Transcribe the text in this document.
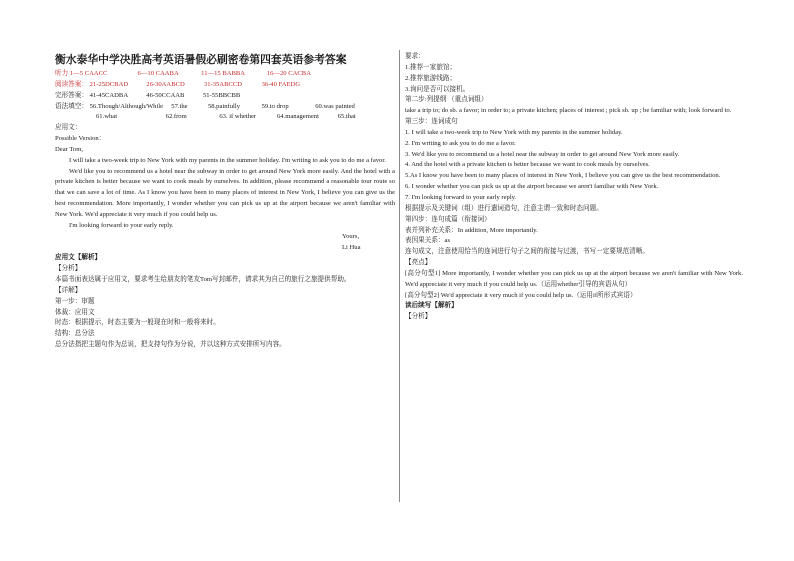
衡水泰华中学决胜高考英语暑假必刷密卷第四套英语参考答案
听力 1—5 CAACC	6—10 CAABA	11—15 BABBA	16—20 CACBA
阅读答案： 21-25DCBAD	26-30AABCD	31-35ABCCD	36-40 FAEDG
完形答案： 41-45CADBA	46-50CCAAB	51-55BBCBB
语法填空： 56.Though/Although/While 57.the	58.painfully	59.to drop	60.was painted
61.what	62.from	63. if whether	64.management	65.that
应用文：
Possible Version：
Dear Tom,
I will take a two-week trip to New York with my parents in the summer holiday. I'm writing to ask you to do me a favor.
We'd like you to recommend us a hotel near the subway in order to get around New York more easily. And the hotel with a private kitchen is better because we want to cook meals by ourselves. In addition, please recommend a reasonable tour route so that we can save a lot of time. As I know you have been to many places of interest in New York, I believe you can give us the best recommendation. More importantly, I wonder whether you can pick us up at the airport because we aren't familiar with New York. We'd appreciate it very much if you could help us.
I'm looking forward to your early reply.
Yours,
Li Hua
应用文【解析】
【分析】
本篇书面表达属于应用文，要求考生给朋友的笔友Tom写封邮件，请求其为自己的旅行之旅提供帮助。
【详解】
第一步：审题
体裁：应用文
时态：根据提示，时态主要为一般现在时和一般将来时。
结构：总分法
总分法指把主题句作为总说，把支持句作为分说，并以这种方式安排所写内容。
要求：
1.推荐一家旅馆；
2.推荐旅游线路；
3.询问是否可以接机。
第二步:列提纲 （重点词组）
take a trip to; do sb. a favor; in order to; a private kitchen; places of interest ; pick sb. up ; be familiar with; look forward to.
第三步：连词成句
1. I will take a two-week trip to New York with my parents in the summer holiday.
2. I'm writing to ask you to do me a favor.
3. We'd like you to recommend us a hotel near the subway in order to get around New York more easily.
4. And the hotel with a private kitchen is better because we want to cook meals by ourselves.
5.As I know you have been to many places of interest in New York, I believe you can give us the best recommendation.
6. I wonder whether you can pick us up at the airport because we aren't familiar with New York.
7. I'm looking forward to your early reply.
根据提示及关键词（组）进行遣词造句，注意主谓一致和时态问题。
第四步：连句成篇（衔接词）
表并列补充关系：In addition, More importantly.
表因果关系：as
连句成文，注意使用恰当的连词进行句子之间的衔接与过渡，书写一定要规范清晰。
【亮点】
[高分句型1] More importantly, I wonder whether you can pick us up at the airport because we aren't familiar with New York. We'd appreciate it very much if you could help us.（运用whether引导的宾语从句）
[高分句型2] We'd appreciate it very much if you could help us.（运用if所形式宾语）
读后续写【解析】
【分析】
